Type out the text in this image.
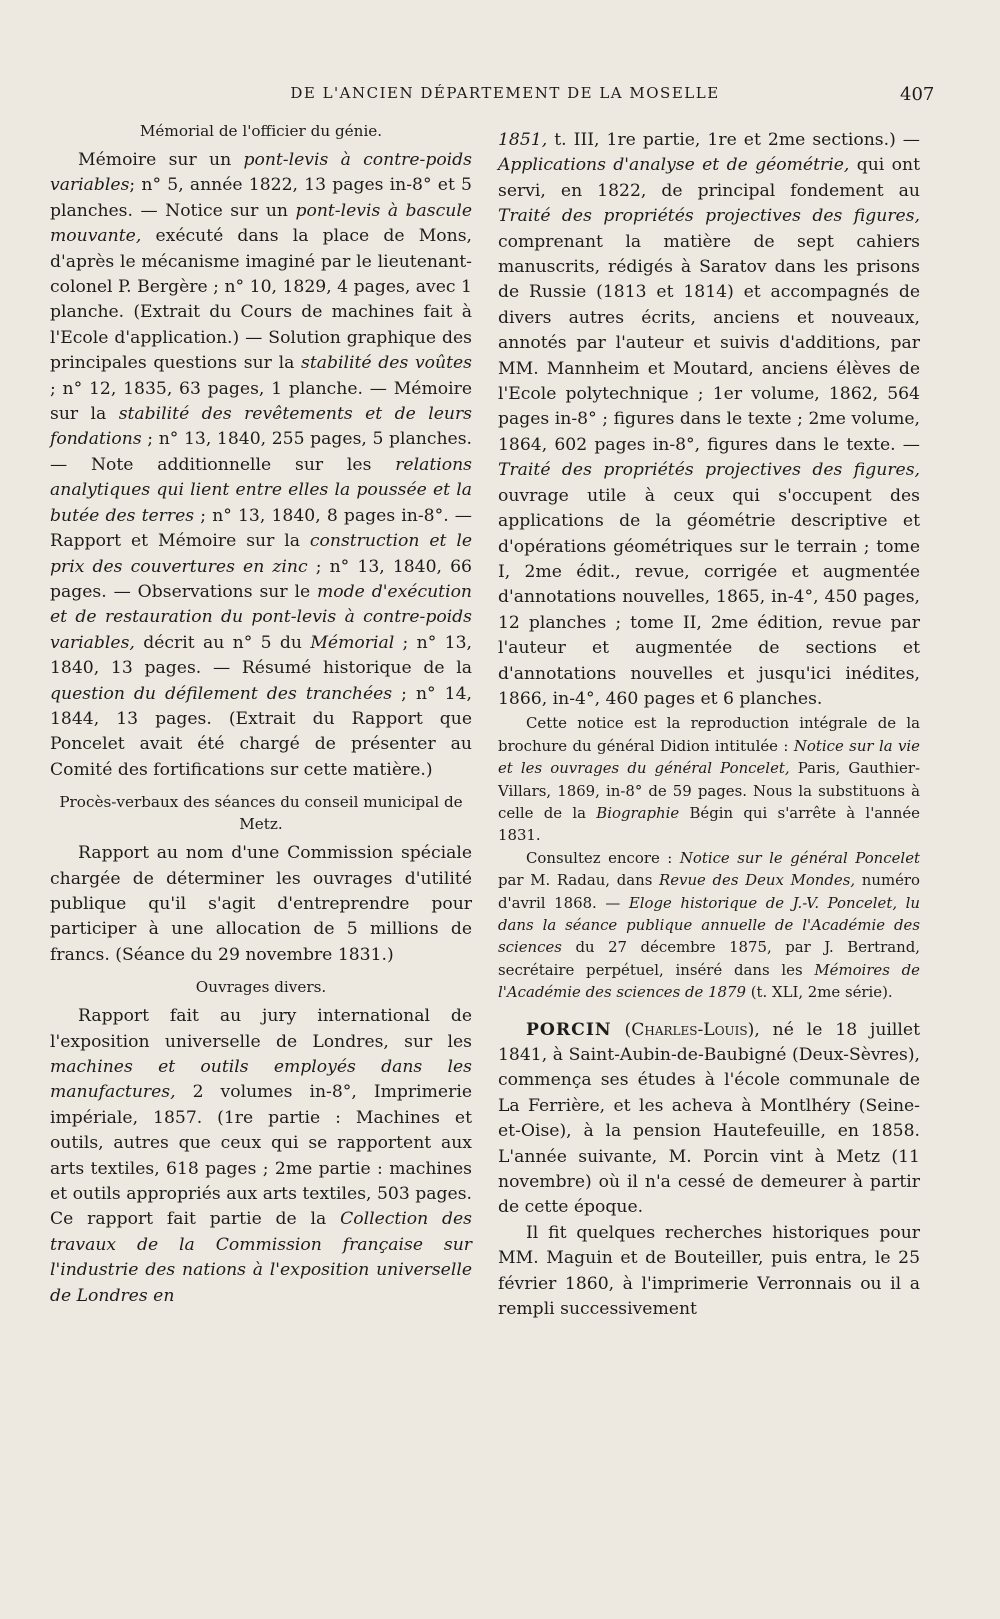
DE L'ANCIEN DÉPARTEMENT DE LA MOSELLE	407

Mémorial de l'officier du génie.

Mémoire sur un pont-levis à contre-poids variables; n° 5, année 1822, 13 pages in-8° et 5 planches. — Notice sur un pont-levis à bascule mouvante, exécuté dans la place de Mons, d'après le mécanisme imaginé par le lieutenant-colonel P. Bergère ; n° 10, 1829, 4 pages, avec 1 planche. (Extrait du Cours de machines fait à l'Ecole d'application.) — Solution graphique des principales questions sur la stabilité des voûtes ; n° 12, 1835, 63 pages, 1 planche. — Mémoire sur la stabilité des revêtements et de leurs fondations ; n° 13, 1840, 255 pages, 5 planches. — Note additionnelle sur les relations analytiques qui lient entre elles la poussée et la butée des terres ; n° 13, 1840, 8 pages in-8°. — Rapport et Mémoire sur la construction et le prix des couvertures en zinc ; n° 13, 1840, 66 pages. — Observations sur le mode d'exécution et de restauration du pont-levis à contre-poids variables, décrit au n° 5 du Mémorial ; n° 13, 1840, 13 pages. — Résumé historique de la question du défilement des tranchées ; n° 14, 1844, 13 pages. (Extrait du Rapport que Poncelet avait été chargé de présenter au Comité des fortifications sur cette matière.)

Procès-verbaux des séances du conseil municipal de Metz.

Rapport au nom d'une Commission spéciale chargée de déterminer les ouvrages d'utilité publique qu'il s'agit d'entreprendre pour participer à une allocation de 5 millions de francs. (Séance du 29 novembre 1831.)

Ouvrages divers.

Rapport fait au jury international de l'exposition universelle de Londres, sur les machines et outils employés dans les manufactures, 2 volumes in-8°, Imprimerie impériale, 1857. (1re partie : Machines et outils, autres que ceux qui se rapportent aux arts textiles, 618 pages ; 2me partie : machines et outils appropriés aux arts textiles, 503 pages. Ce rapport fait partie de la Collection des travaux de la Commission française sur l'industrie des nations à l'exposition universelle de Londres en

1851, t. III, 1re partie, 1re et 2me sections.) — Applications d'analyse et de géométrie, qui ont servi, en 1822, de principal fondement au Traité des propriétés projectives des figures, comprenant la matière de sept cahiers manuscrits, rédigés à Saratov dans les prisons de Russie (1813 et 1814) et accompagnés de divers autres écrits, anciens et nouveaux, annotés par l'auteur et suivis d'additions, par MM. Mannheim et Moutard, anciens élèves de l'Ecole polytechnique ; 1er volume, 1862, 564 pages in-8° ; figures dans le texte ; 2me volume, 1864, 602 pages in-8°, figures dans le texte. — Traité des propriétés projectives des figures, ouvrage utile à ceux qui s'occupent des applications de la géométrie descriptive et d'opérations géométriques sur le terrain ; tome I, 2me édit., revue, corrigée et augmentée d'annotations nouvelles, 1865, in-4°, 450 pages, 12 planches ; tome II, 2me édition, revue par l'auteur et augmentée de sections et d'annotations nouvelles et jusqu'ici inédites, 1866, in-4°, 460 pages et 6 planches.

Cette notice est la reproduction intégrale de la brochure du général Didion intitulée : Notice sur la vie et les ouvrages du général Poncelet, Paris, Gauthier-Villars, 1869, in-8° de 59 pages. Nous la substituons à celle de la Biographie Bégin qui s'arrête à l'année 1831.

Consultez encore : Notice sur le général Poncelet par M. Radau, dans Revue des Deux Mondes, numéro d'avril 1868. — Eloge historique de J.-V. Poncelet, lu dans la séance publique annuelle de l'Académie des sciences du 27 décembre 1875, par J. Bertrand, secrétaire perpétuel, inséré dans les Mémoires de l'Académie des sciences de 1879 (t. XLI, 2me série).

PORCIN (Charles-Louis), né le 18 juillet 1841, à Saint-Aubin-de-Baubigné (Deux-Sèvres), commença ses études à l'école communale de La Ferrière, et les acheva à Montlhéry (Seine-et-Oise), à la pension Hautefeuille, en 1858. L'année suivante, M. Porcin vint à Metz (11 novembre) où il n'a cessé de demeurer à partir de cette époque.

Il fit quelques recherches historiques pour MM. Maguin et de Bouteiller, puis entra, le 25 février 1860, à l'imprimerie Verronnais ou il a rempli successivement
